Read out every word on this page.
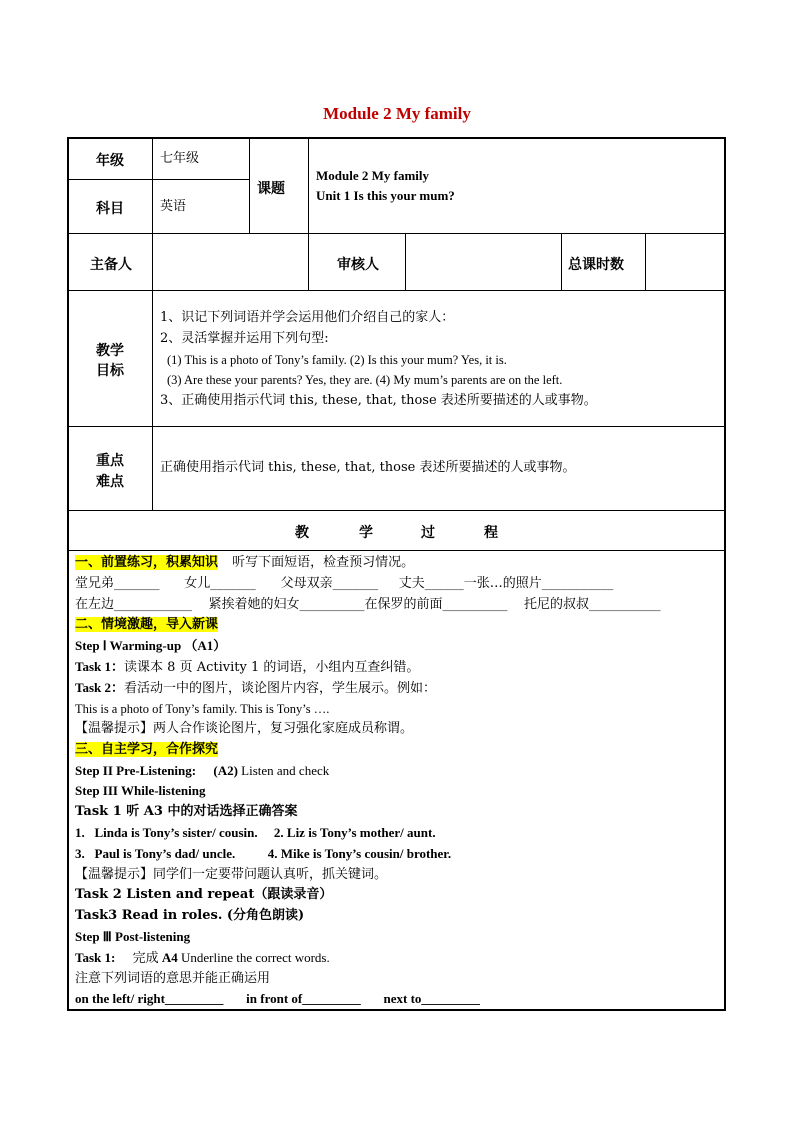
Module 2 My family
年级	七年级
科目	英语
课题
Module 2 My family
Unit 1 Is this your mum?
主备人	审核人	总课时数
教学
目标
1、识记下列词语并学会运用他们介绍自己的家人：
2、灵活掌握并运用下列句型:
(1) This is a photo of Tony’s family. (2) Is this your mum? Yes, it is.
(3) Are these your parents? Yes, they are. (4) My mum’s parents are on the left.
3、正确使用指示代词 this, these, that, those 表述所要描述的人或事物。
重点
难点
正确使用指示代词 this, these, that, those 表述所要描述的人或事物。
教	学	过	程
一、前置练习，积累知识 听写下面短语，检查预习情况。
堂兄弟_______      女儿_______      父母双亲_______     丈夫______一张…的照片___________
在左边____________    紧挨着她的妇女__________在保罗的前面__________    托尼的叔叔___________
二、情境激趣，导入新课
Step Ⅰ Warming-up （A1）
Task 1：读课本 8 页 Activity 1 的词语，小组内互查纠错。
Task 2：看活动一中的图片，谈论图片内容，学生展示。例如：
This is a photo of Tony’s family. This is Tony’s ….
【温馨提示】两人合作谈论图片，复习强化家庭成员称谓。
三、自主学习，合作探究
Step II Pre-Listening: (A2) Listen and check
Step III While-listening
Task 1 听 A3 中的对话选择正确答案
1.   Linda is Tony’s sister/ cousin.     2. Liz is Tony’s mother/ aunt.
3.   Paul is Tony’s dad/ uncle.          4. Mike is Tony’s cousin/ brother.
【温馨提示】同学们一定要带问题认真听，抓关键词。
Task 2 Listen and repeat（跟读录音）
Task3 Read in roles. (分角色朗读)
Step Ⅲ Post-listening
Task 1: 完成 A4 Underline the correct words.
注意下列词语的意思并能正确运用
on the left/ right_________       in front of_________       next to_________
